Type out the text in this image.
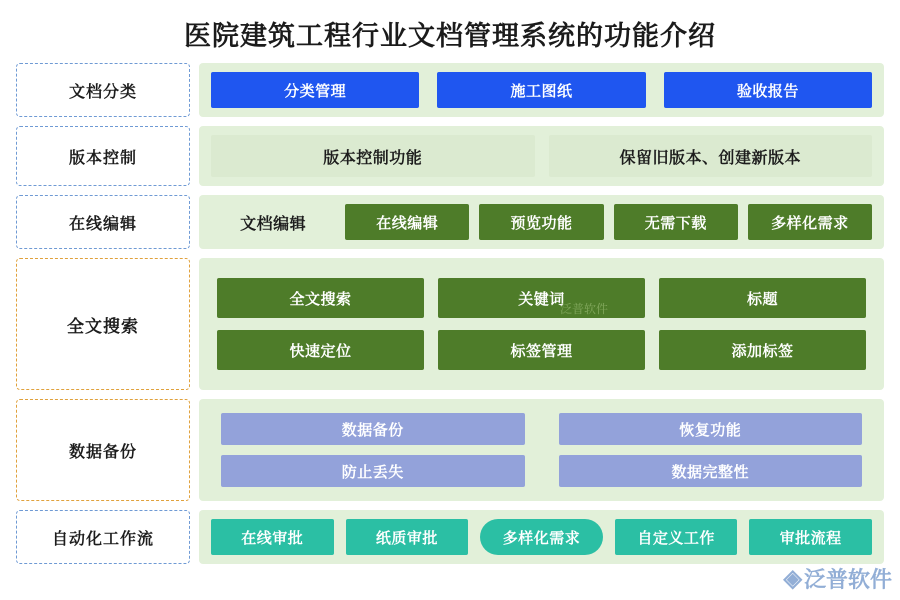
医院建筑工程行业文档管理系统的功能介绍
文档分类	分类管理	施工图纸	验收报告
版本控制	版本控制功能	保留旧版本、创建新版本
在线编辑	文档编辑	在线编辑	预览功能	无需下载	多样化需求
全文搜索
全文搜索	关键词	标题
快速定位	标签管理	添加标签
数据备份
数据备份	恢复功能
防止丢失	数据完整性
自动化工作流	在线审批	纸质审批	多样化需求	自定义工作	审批流程
泛普软件
◈ 泛普软件
